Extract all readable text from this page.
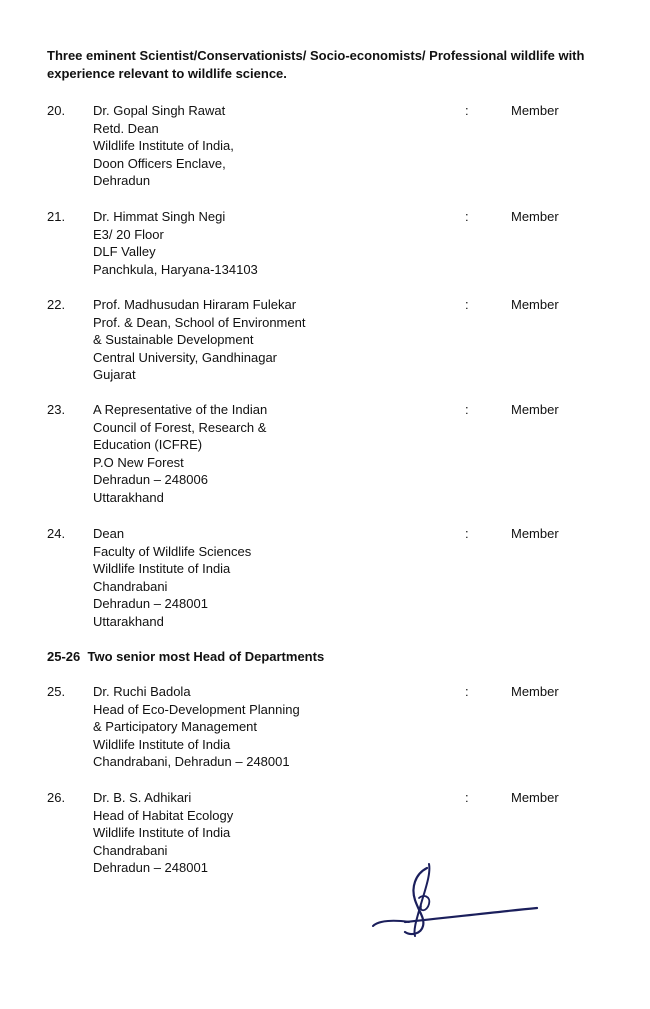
Three eminent Scientist/Conservationists/ Socio-economists/ Professional wildlife with experience relevant to wildlife science.
20. Dr. Gopal Singh Rawat
Retd. Dean
Wildlife Institute of India,
Doon Officers Enclave,
Dehradun
:	Member
21. Dr. Himmat Singh Negi
E3/ 20 Floor
DLF Valley
Panchkula, Haryana-134103
:	Member
22. Prof. Madhusudan Hiraram Fulekar
Prof. & Dean, School of Environment
& Sustainable Development
Central University, Gandhinagar
Gujarat
:	Member
23. A Representative of the Indian
Council of Forest, Research &
Education (ICFRE)
P.O New Forest
Dehradun – 248006
Uttarakhand
:	Member
24. Dean
Faculty of Wildlife Sciences
Wildlife Institute of India
Chandrabani
Dehradun – 248001
Uttarakhand
:	Member
25-26 Two senior most Head of Departments
25. Dr. Ruchi Badola
Head of Eco-Development Planning
& Participatory Management
Wildlife Institute of India
Chandrabani, Dehradun – 248001
:	Member
26. Dr. B. S. Adhikari
Head of Habitat Ecology
Wildlife Institute of India
Chandrabani
Dehradun – 248001
:	Member
